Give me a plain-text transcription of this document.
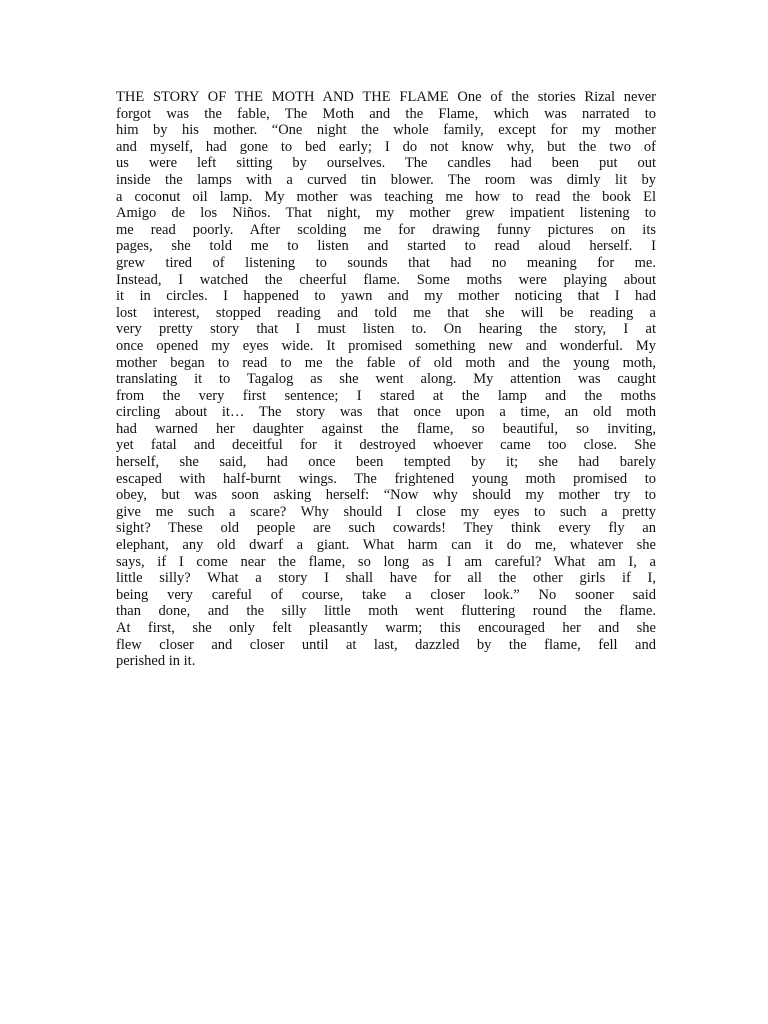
THE STORY OF THE MOTH AND THE FLAME One of the stories Rizal never
forgot was the fable, The Moth and the Flame, which was narrated to
him by his mother. “One night the whole family, except for my mother
and myself, had gone to bed early; I do not know why, but the two of
us were left sitting by ourselves. The candles had been put out
inside the lamps with a curved tin blower. The room was dimly lit by
a coconut oil lamp. My mother was teaching me how to read the book El
Amigo de los Niños. That night, my mother grew impatient listening to
me read poorly. After scolding me for drawing funny pictures on its
pages, she told me to listen and started to read aloud herself. I
grew tired of listening to sounds that had no meaning for me.
Instead, I watched the cheerful flame. Some moths were playing about
it in circles. I happened to yawn and my mother noticing that I had
lost interest, stopped reading and told me that she will be reading a
very pretty story that I must listen to. On hearing the story, I at
once opened my eyes wide. It promised something new and wonderful. My
mother began to read to me the fable of old moth and the young moth,
translating it to Tagalog as she went along. My attention was caught
from the very first sentence; I stared at the lamp and the moths
circling about it… The story was that once upon a time, an old moth
had warned her daughter against the flame, so beautiful, so inviting,
yet fatal and deceitful for it destroyed whoever came too close. She
herself, she said, had once been tempted by it; she had barely
escaped with half-burnt wings. The frightened young moth promised to
obey, but was soon asking herself: “Now why should my mother try to
give me such a scare? Why should I close my eyes to such a pretty
sight? These old people are such cowards! They think every fly an
elephant, any old dwarf a giant. What harm can it do me, whatever she
says, if I come near the flame, so long as I am careful? What am I, a
little silly? What a story I shall have for all the other girls if I,
being very careful of course, take a closer look.” No sooner said
than done, and the silly little moth went fluttering round the flame.
At first, she only felt pleasantly warm; this encouraged her and she
flew closer and closer until at last, dazzled by the flame, fell and
perished in it.
